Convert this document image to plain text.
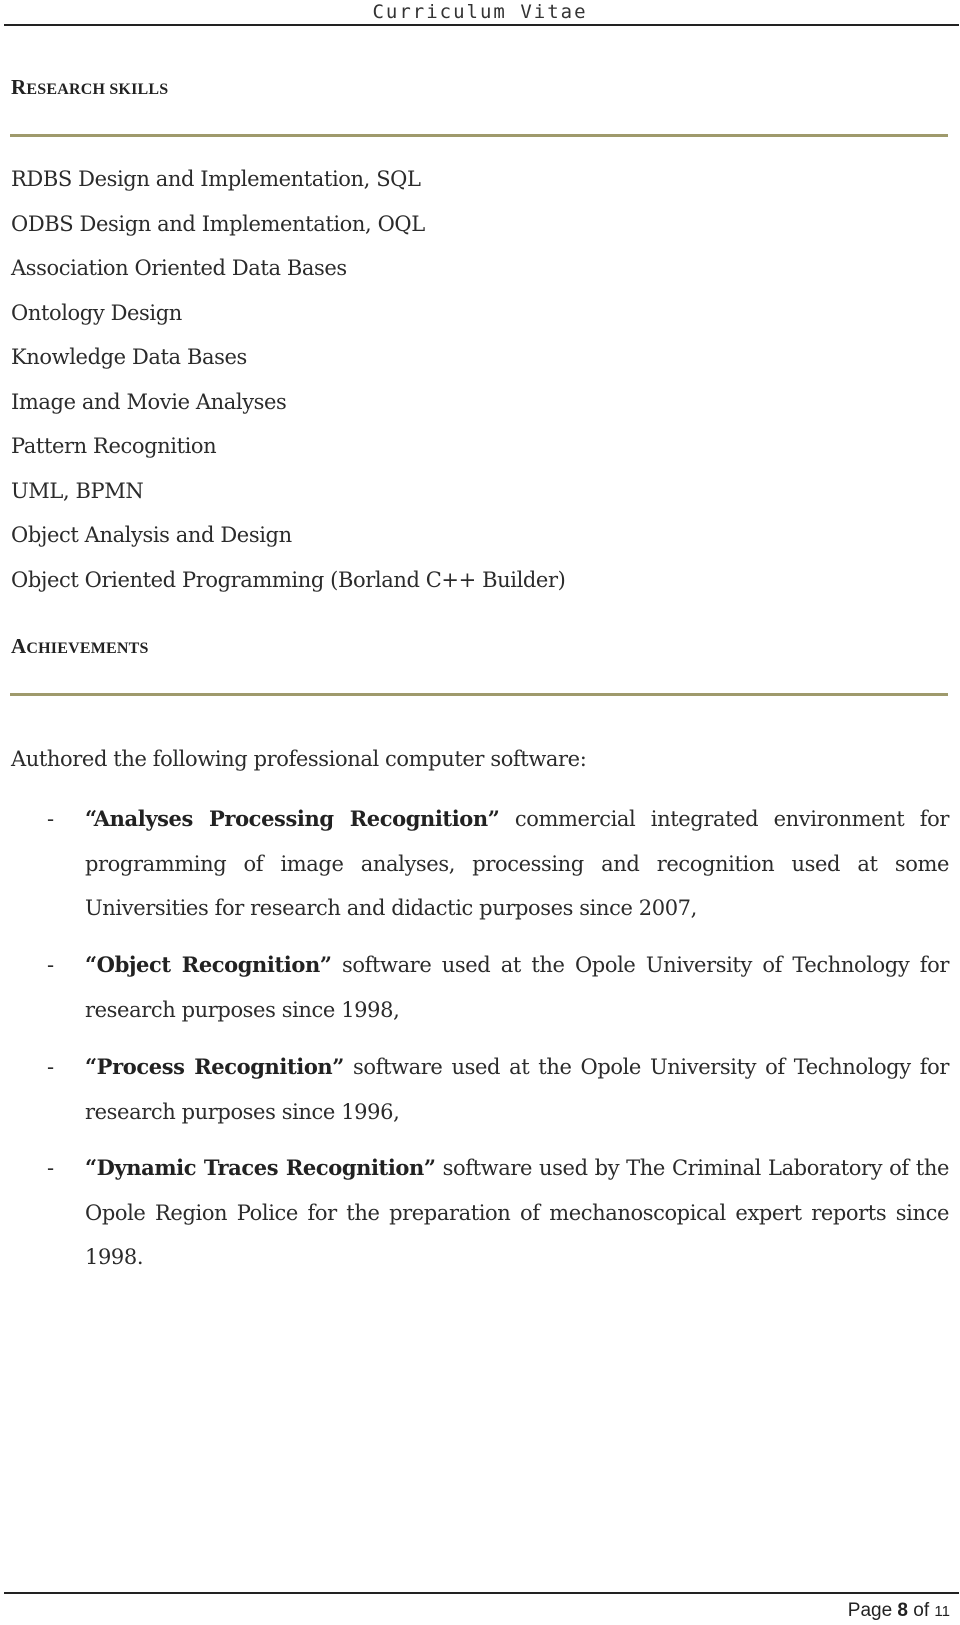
Curriculum Vitae
RESEARCH SKILLS
RDBS Design and Implementation, SQL
ODBS Design and Implementation, OQL
Association Oriented Data Bases
Ontology Design
Knowledge Data Bases
Image and Movie Analyses
Pattern Recognition
UML, BPMN
Object Analysis and Design
Object Oriented Programming (Borland C++ Builder)
ACHIEVEMENTS

Authored the following professional computer software:

- “Analyses Processing Recognition” commercial integrated environment for programming of image analyses, processing and recognition used at some Universities for research and didactic purposes since 2007,

- “Object Recognition” software used at the Opole University of Technology for research purposes since 1998,

- “Process Recognition” software used at the Opole University of Technology for research purposes since 1996,

- “Dynamic Traces Recognition” software used by The Criminal Laboratory of the Opole Region Police for the preparation of mechanoscopical expert reports since 1998.

Page 8 of 11
